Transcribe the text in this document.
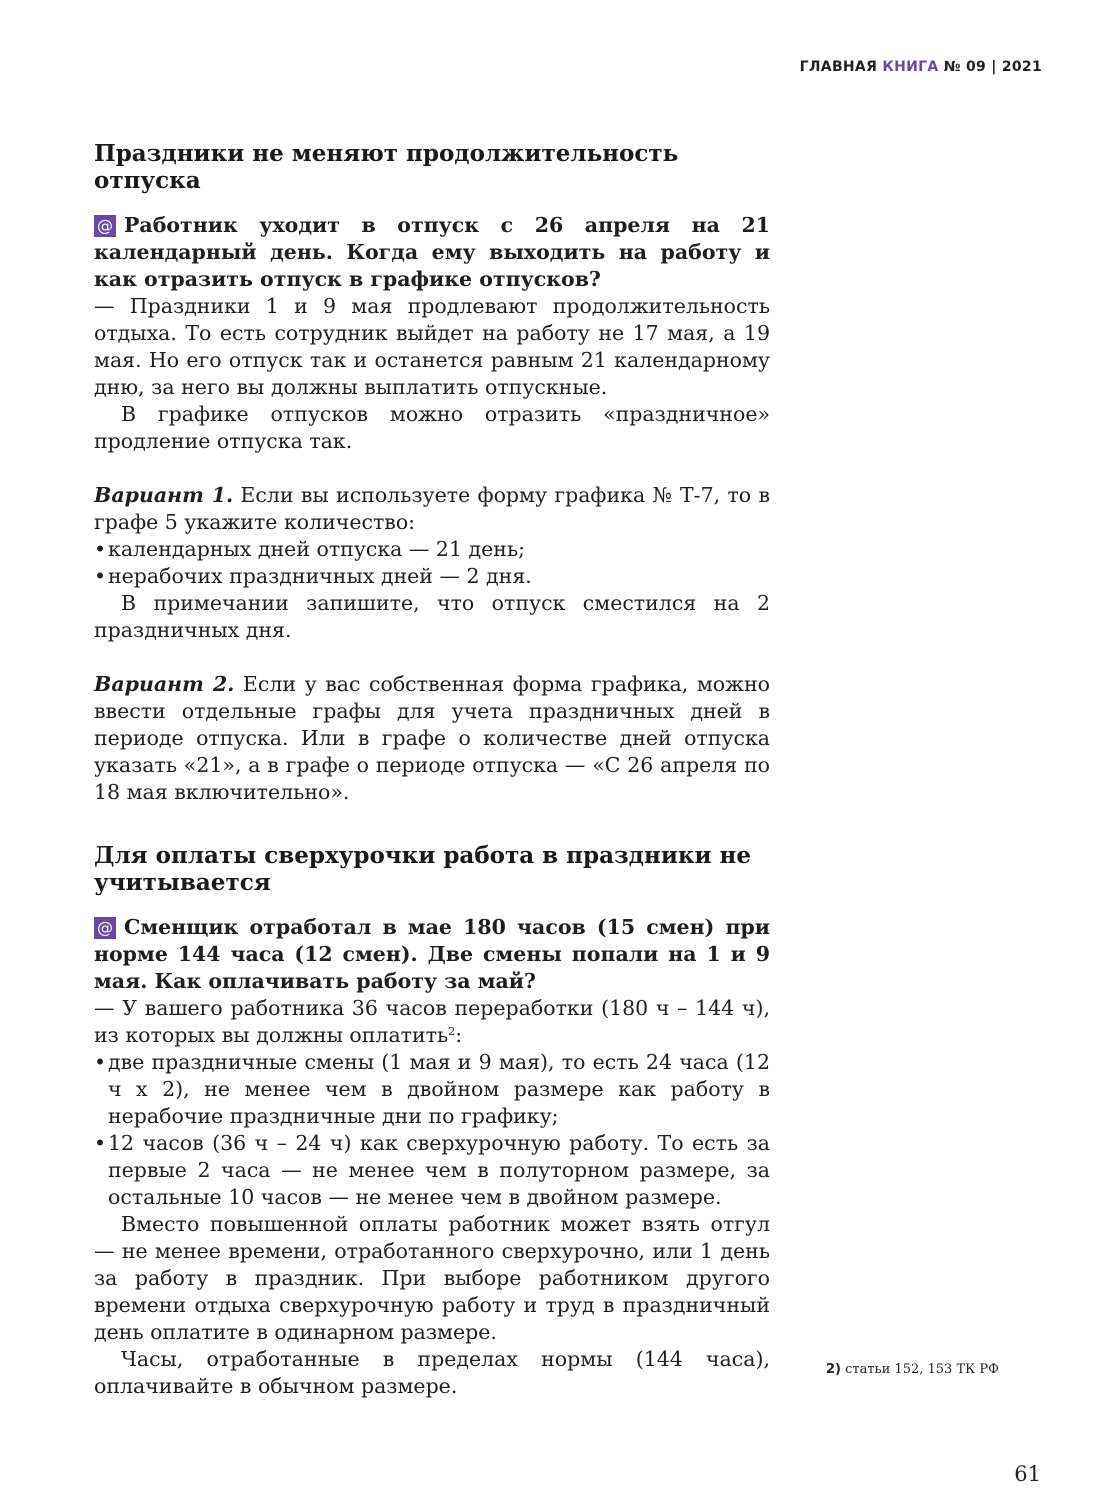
ГЛАВНАЯ КНИГА № 09 | 2021
Праздники не меняют продолжительность отпуска

@ Работник уходит в отпуск с 26 апреля на 21 календарный день. Когда ему выходить на работу и как отразить отпуск в графике отпусков?

— Праздники 1 и 9 мая продлевают продолжительность отдыха. То есть сотрудник выйдет на работу не 17 мая, а 19 мая. Но его отпуск так и останется равным 21 календарному дню, за него вы должны выплатить отпускные.

В графике отпусков можно отразить «праздничное» продление отпуска так.

Вариант 1. Если вы используете форму графика № Т-7, то в графе 5 укажите количество:

• календарных дней отпуска — 21 день;
• нерабочих праздничных дней — 2 дня.

В примечании запишите, что отпуск сместился на 2 праздничных дня.

Вариант 2. Если у вас собственная форма графика, можно ввести отдельные графы для учета праздничных дней в периоде отпуска. Или в графе о количестве дней отпуска указать «21», а в графе о периоде отпуска — «С 26 апреля по 18 мая включительно».

Для оплаты сверхурочки работа в праздники не учитывается

@ Сменщик отработал в мае 180 часов (15 смен) при норме 144 часа (12 смен). Две смены попали на 1 и 9 мая. Как оплачивать работу за май?

— У вашего работника 36 часов переработки (180 ч – 144 ч), из которых вы должны оплатить$^2$:

• две праздничные смены (1 мая и 9 мая), то есть 24 часа (12 ч х 2), не менее чем в двойном размере как работу в нерабочие праздничные дни по графику;
• 12 часов (36 ч – 24 ч) как сверхурочную работу. То есть за первые 2 часа — не менее чем в полуторном размере, за остальные 10 часов — не менее чем в двойном размере.

Вместо повышенной оплаты работник может взять отгул — не менее времени, отработанного сверхурочно, или 1 день за работу в праздник. При выборе работником другого времени отдыха сверхурочную работу и труд в праздничный день оплатите в одинарном размере.

Часы, отработанные в пределах нормы (144 часа), оплачивайте в обычном размере.

2) статьи 152, 153 ТК РФ
61
